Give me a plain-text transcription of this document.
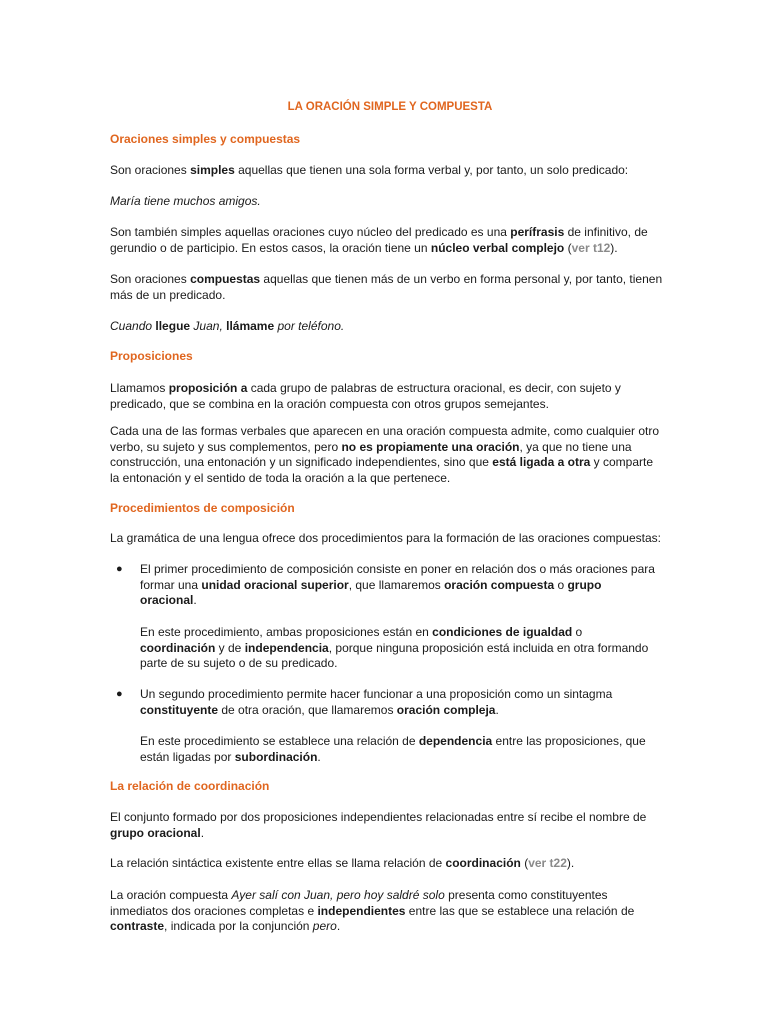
LA ORACIÓN SIMPLE Y COMPUESTA
Oraciones simples y compuestas

Son oraciones simples aquellas que tienen una sola forma verbal y, por tanto, un solo predicado:

María tiene muchos amigos.

Son también simples aquellas oraciones cuyo núcleo del predicado es una perífrasis de infinitivo, de gerundio o de participio. En estos casos, la oración tiene un núcleo verbal complejo (ver t12).

Son oraciones compuestas aquellas que tienen más de un verbo en forma personal y, por tanto, tienen más de un predicado.

Cuando llegue Juan, llámame por teléfono.

Proposiciones

Llamamos proposición a cada grupo de palabras de estructura oracional, es decir, con sujeto y predicado, que se combina en la oración compuesta con otros grupos semejantes.

Cada una de las formas verbales que aparecen en una oración compuesta admite, como cualquier otro verbo, su sujeto y sus complementos, pero no es propiamente una oración, ya que no tiene una construcción, una entonación y un significado independientes, sino que está ligada a otra y comparte la entonación y el sentido de toda la oración a la que pertenece.

Procedimientos de composición

La gramática de una lengua ofrece dos procedimientos para la formación de las oraciones compuestas:

● El primer procedimiento de composición consiste en poner en relación dos o más oraciones para formar una unidad oracional superior, que llamaremos oración compuesta o grupo oracional.

En este procedimiento, ambas proposiciones están en condiciones de igualdad o coordinación y de independencia, porque ninguna proposición está incluida en otra formando parte de su sujeto o de su predicado.

● Un segundo procedimiento permite hacer funcionar a una proposición como un sintagma constituyente de otra oración, que llamaremos oración compleja.

En este procedimiento se establece una relación de dependencia entre las proposiciones, que están ligadas por subordinación.

La relación de coordinación

El conjunto formado por dos proposiciones independientes relacionadas entre sí recibe el nombre de grupo oracional.

La relación sintáctica existente entre ellas se llama relación de coordinación (ver t22).

La oración compuesta Ayer salí con Juan, pero hoy saldré solo presenta como constituyentes inmediatos dos oraciones completas e independientes entre las que se establece una relación de contraste, indicada por la conjunción pero.
